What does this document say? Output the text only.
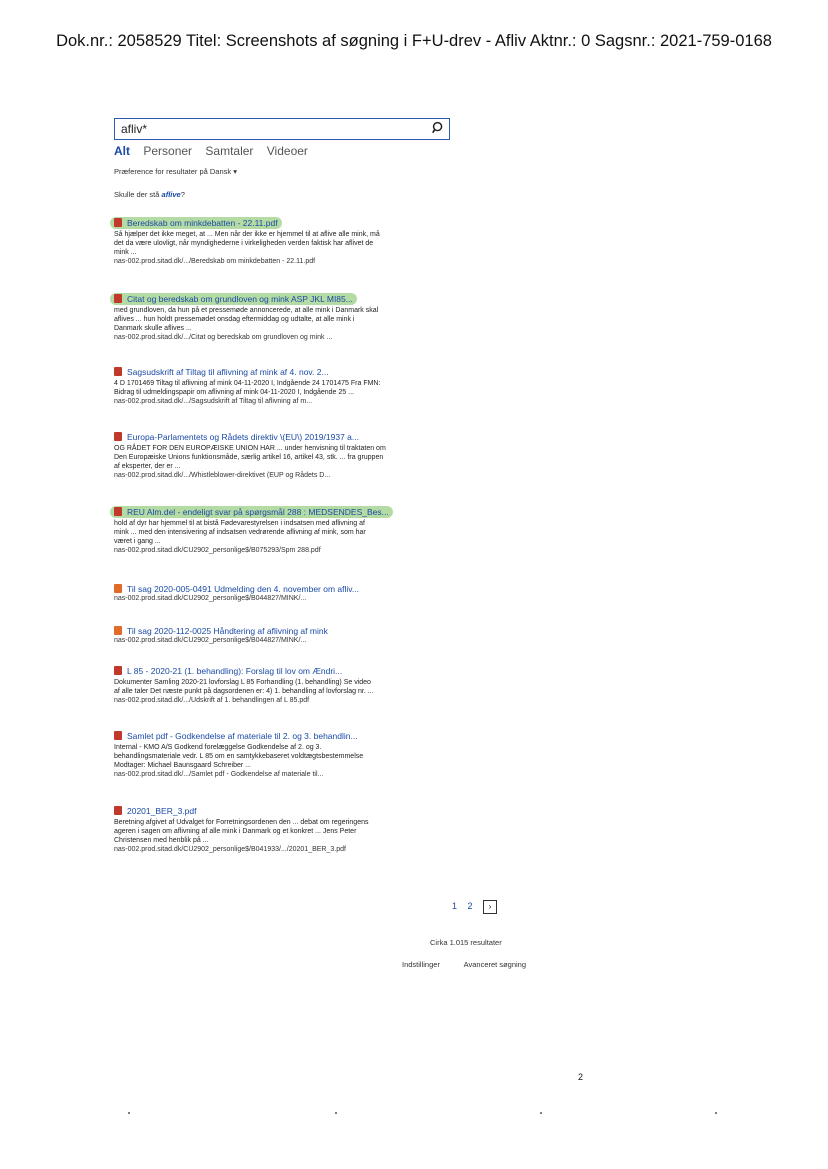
Dok.nr.: 2058529 Titel: Screenshots af søgning i F+U-drev - Afliv Aktnr.: 0 Sagsnr.: 2021-759-0168
afliv*
Alt Personer Samtaler Videoer
Præference for resultater på Dansk ▾
Skulle der stå aflive?
Beredskab om minkdebatten - 22.11.pdf
Så hjælper det ikke meget, at ... Men når der ikke er hjemmel til at aflive alle mink, må
det da være ulovligt, når myndighederne i virkeligheden verden faktisk har aflivet de
mink ...
nas-002.prod.sitad.dk/.../Beredskab om minkdebatten - 22.11.pdf
Citat og beredskab om grundloven og mink ASP JKL MI85...
med grundloven, da hun på et pressemøde annoncerede, at alle mink i Danmark skal
aflives ... hun holdt pressemødet onsdag eftermiddag og udtalte, at alle mink i
Danmark skulle aflives ...
nas-002.prod.sitad.dk/.../Citat og beredskab om grundloven og mink ...
Sagsudskrift af Tiltag til aflivning af mink af 4. nov. 2...
4 D 1701469 Tiltag til aflivning af mink 04-11-2020 I, Indgående 24 1701475 Fra FMN:
Bidrag til udmeldingspapir om aflivning af mink 04-11-2020 I, Indgående 25 ...
nas-002.prod.sitad.dk/.../Sagsudskrift af Tiltag til aflivning af m...
Europa-Parlamentets og Rådets direktiv \(EU\) 2019/1937 a...
OG RÅDET FOR DEN EUROPÆISKE UNION HAR ... under henvisning til traktaten om
Den Europæiske Unions funktionsmåde, særlig artikel 16, artikel 43, stk. ... fra gruppen
af eksperter, der er ...
nas-002.prod.sitad.dk/.../Whistleblower-direktivet (EUP og Rådets D...
REU Alm.del - endeligt svar på spørgsmål 288 : MEDSENDES_Bes...
hold af dyr har hjemmel til at bistå Fødevarestyrelsen i indsatsen med aflivning af
mink ... med den intensivering af indsatsen vedrørende aflivning af mink, som har
været i gang ...
nas-002.prod.sitad.dk/CU2902_personlige$/B075293/Spm 288.pdf
Til sag 2020-005-0491 Udmelding den 4. november om afliv...
nas-002.prod.sitad.dk/CU2902_personlige$/B044827/MINK/...
Til sag 2020-112-0025 Håndtering af aflivning af mink
nas-002.prod.sitad.dk/CU2902_personlige$/B044827/MINK/...
L 85 - 2020-21 (1. behandling): Forslag til lov om Ændri...
Dokumenter Samling 2020-21 lovforslag L 85 Forhandling (1. behandling) Se video
af alle taler Det næste punkt på dagsordenen er: 4) 1. behandling af lovforslag nr. ...
nas-002.prod.sitad.dk/.../Udskrift af 1. behandlingen af L 85.pdf
Samlet pdf - Godkendelse af materiale til 2. og 3. behandlin...
Internal - KMO A/S Godkend forelæggelse Godkendelse af 2. og 3.
behandlingsmateriale vedr. L 85 om en samtykkebaseret voldtægtsbestemmelse
Modtager: Michael Baunsgaard Schreiber ...
nas-002.prod.sitad.dk/.../Samlet pdf - Godkendelse af materiale til...
20201_BER_3.pdf
Beretning afgivet af Udvalget for Forretningsordenen den ... debat om regeringens
ageren i sagen om aflivning af alle mink i Danmark og et konkret ... Jens Peter
Christensen med henblik på ...
nas-002.prod.sitad.dk/CU2902_personlige$/B041933/.../20201_BER_3.pdf
1 2 ›
Cirka 1.015 resultater
Indstillinger	Avanceret søgning
2
